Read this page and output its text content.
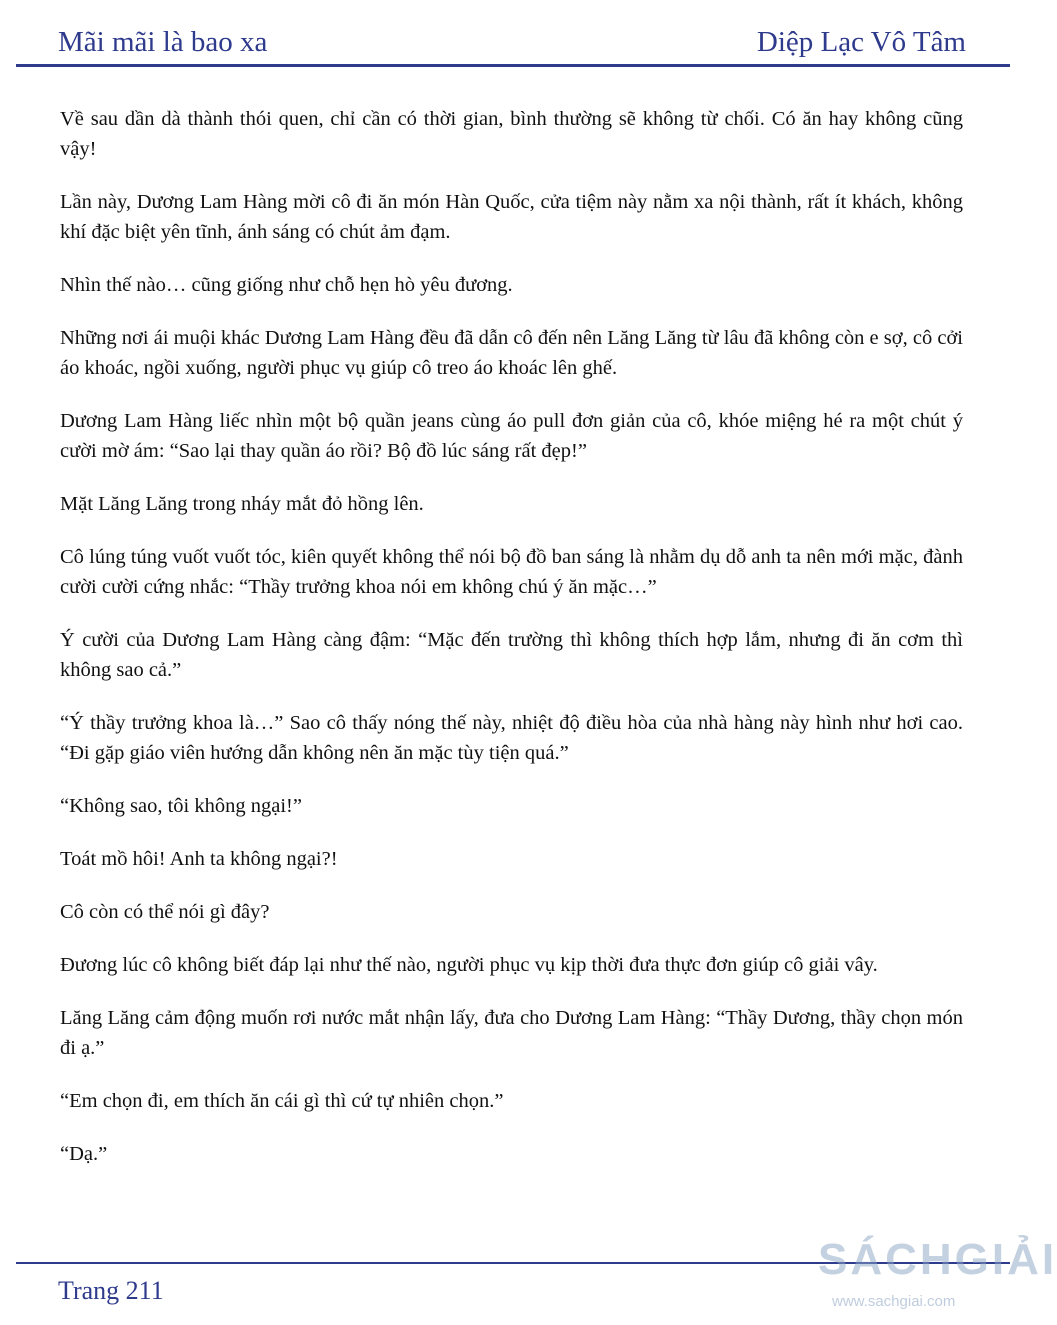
Mãi mãi là bao xa	Diệp Lạc Vô Tâm

Về sau dần dà thành thói quen, chỉ cần có thời gian, bình thường sẽ không từ chối. Có ăn hay không cũng vậy!

Lần này, Dương Lam Hàng mời cô đi ăn món Hàn Quốc, cửa tiệm này nằm xa nội thành, rất ít khách, không khí đặc biệt yên tĩnh, ánh sáng có chút ảm đạm.

Nhìn thế nào… cũng giống như chỗ hẹn hò yêu đương.

Những nơi ái muội khác Dương Lam Hàng đều đã dẫn cô đến nên Lăng Lăng từ lâu đã không còn e sợ, cô cởi áo khoác, ngồi xuống, người phục vụ giúp cô treo áo khoác lên ghế.

Dương Lam Hàng liếc nhìn một bộ quần jeans cùng áo pull đơn giản của cô, khóe miệng hé ra một chút ý cười mờ ám: “Sao lại thay quần áo rồi? Bộ đồ lúc sáng rất đẹp!”

Mặt Lăng Lăng trong nháy mắt đỏ hồng lên.

Cô lúng túng vuốt vuốt tóc, kiên quyết không thể nói bộ đồ ban sáng là nhằm dụ dỗ anh ta nên mới mặc, đành cười cười cứng nhắc: “Thầy trưởng khoa nói em không chú ý ăn mặc…”

Ý cười của Dương Lam Hàng càng đậm: “Mặc đến trường thì không thích hợp lắm, nhưng đi ăn cơm thì không sao cả.”

“Ý thầy trưởng khoa là…” Sao cô thấy nóng thế này, nhiệt độ điều hòa của nhà hàng này hình như hơi cao. “Đi gặp giáo viên hướng dẫn không nên ăn mặc tùy tiện quá.”

“Không sao, tôi không ngại!”

Toát mồ hôi! Anh ta không ngại?!

Cô còn có thể nói gì đây?

Đương lúc cô không biết đáp lại như thế nào, người phục vụ kịp thời đưa thực đơn giúp cô giải vây.

Lăng Lăng cảm động muốn rơi nước mắt nhận lấy, đưa cho Dương Lam Hàng: “Thầy Dương, thầy chọn món đi ạ.”

“Em chọn đi, em thích ăn cái gì thì cứ tự nhiên chọn.”

“Dạ.”

Trang 211
SÁCHGIẢI
www.sachgiai.com
